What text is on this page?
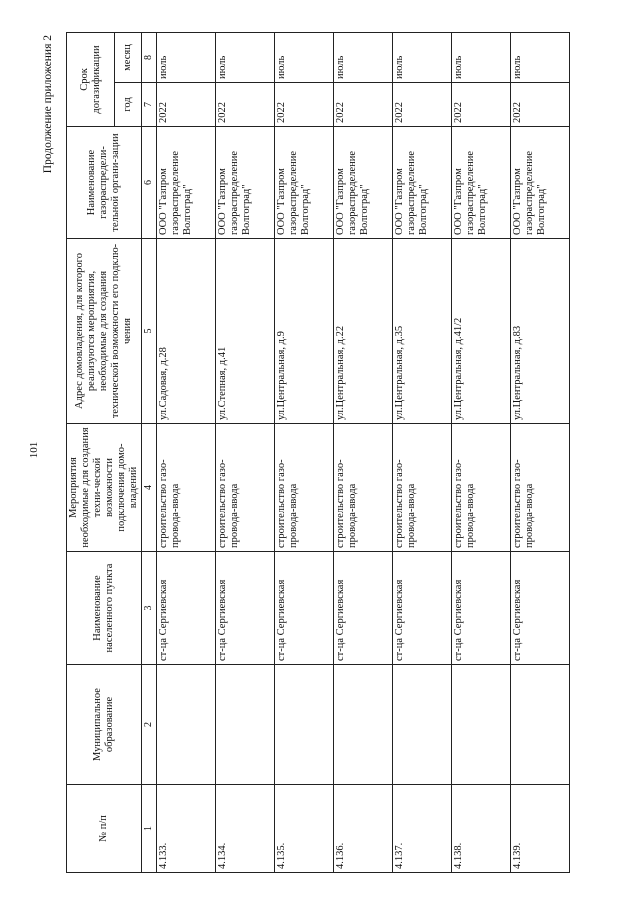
101
Продолжение приложения 2
№ п/п	Муниципальное образование	Наименование населенного пункта	Мероприятия необходимые для создания техни-ческой возможности подключения домо-владений	Адрес домовладения, для которого реализуются мероприятия, необходимые для создания технической возможности его подклю-чения	Наименование газораспредели-тельной органи-зации	Срок догазификации	
						год	месяц
1	2	3	4	5	6	7	8
4.133.		ст-ца Сергиевская	строительство газо-провода-ввода	ул.Садовая, д.28	ООО "Газпром газораспределение Волгоград"	2022	июль
4.134.		ст-ца Сергиевская	строительство газо-провода-ввода	ул.Степная, д.41	ООО "Газпром газораспределение Волгоград"	2022	июль
4.135.		ст-ца Сергиевская	строительство газо-провода-ввода	ул.Центральная, д.9	ООО "Газпром газораспределение Волгоград"	2022	июль
4.136.		ст-ца Сергиевская	строительство газо-провода-ввода	ул.Центральная, д.22	ООО "Газпром газораспределение Волгоград"	2022	июль
4.137.		ст-ца Сергиевская	строительство газо-провода-ввода	ул.Центральная, д.35	ООО "Газпром газораспределение Волгоград"	2022	июль
4.138.		ст-ца Сергиевская	строительство газо-провода-ввода	ул.Центральная, д.41/2	ООО "Газпром газораспределение Волгоград"	2022	июль
4.139.		ст-ца Сергиевская	строительство газо-провода-ввода	ул.Центральная, д.83	ООО "Газпром газораспределение Волгоград"	2022	июль
